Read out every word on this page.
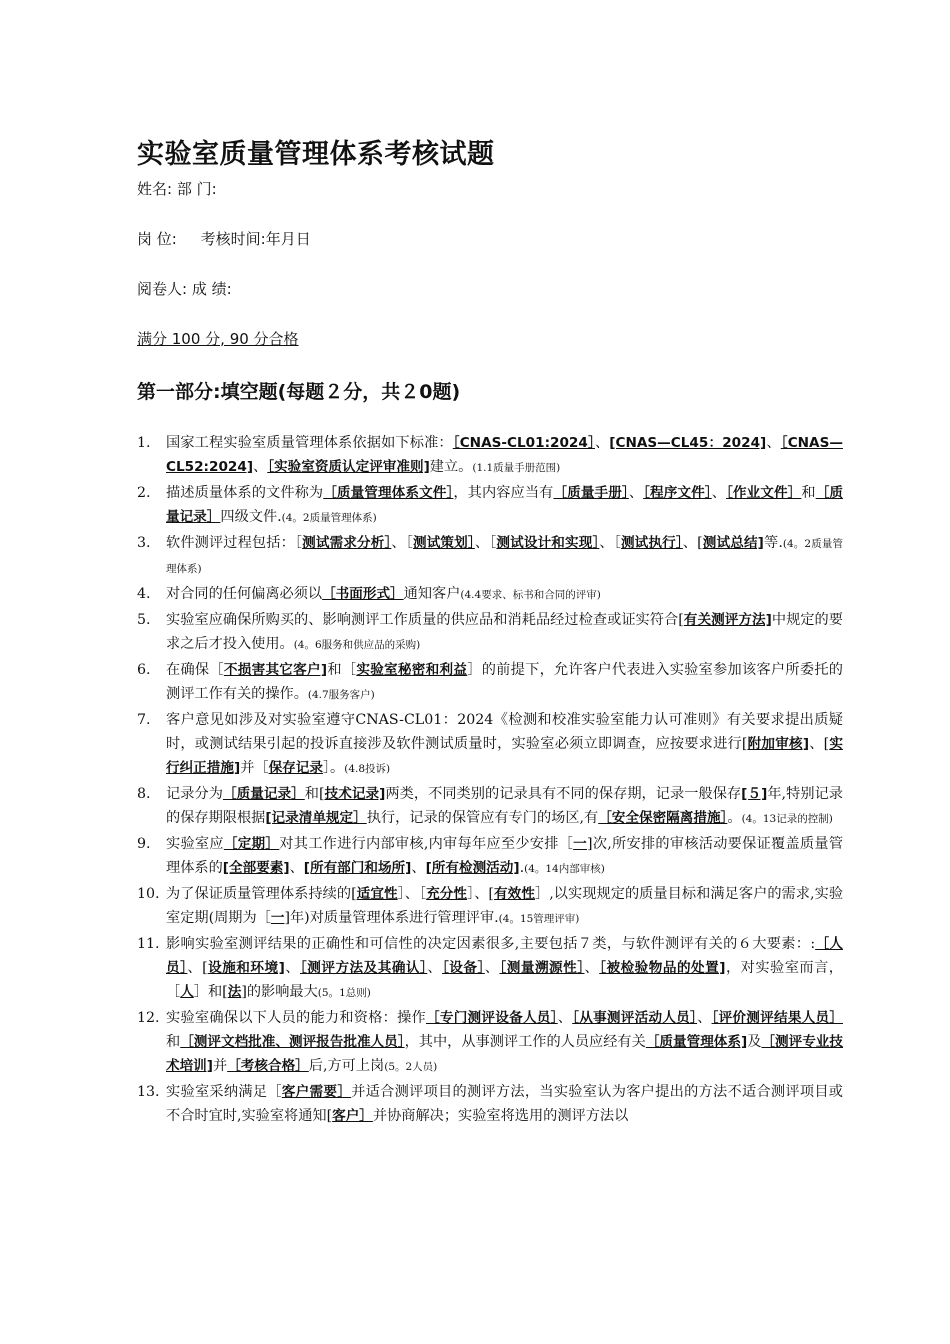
实验室质量管理体系考核试题

姓名: 部 门:

岗 位:     考核时间:年月日

阅卷人: 成 绩:

满分 100 分, 90 分合格

第一部分:填空题(每题２分，共２0题)
1. 国家工程实验室质量管理体系依据如下标准：［CNAS-CL01:2024］、[CNAS—CL45：2024]、［CNAS—CL52:2024]、［实验室资质认定评审准则]建立。(1.1质量手册范围)
2. 描述质量体系的文件称为［质量管理体系文件］，其内容应当有［质量手册］、［程序文件］、［作业文件］和［质量记录］四级文件.(4。2质量管理体系)
3. 软件测评过程包括：［测试需求分析］、［测试策划］、［测试设计和实现］、［测试执行］、[测试总结]等.(4。2质量管理体系)
4. 对合同的任何偏离必须以［书面形式］通知客户(4.4要求、标书和合同的评审)
5. 实验室应确保所购买的、影响测评工作质量的供应品和消耗品经过检查或证实符合[有关测评方法]中规定的要求之后才投入使用。(4。6服务和供应品的采购)
6. 在确保［不损害其它客户]和［实验室秘密和利益］的前提下，允许客户代表进入实验室参加该客户所委托的测评工作有关的操作。(4.7服务客户)
7. 客户意见如涉及对实验室遵守CNAS-CL01：2024《检测和校准实验室能力认可准则》有关要求提出质疑时，或测试结果引起的投诉直接涉及软件测试质量时，实验室必须立即调查，应按要求进行[附加审核]、[实行纠正措施]并［保存记录］。(4.8投诉)
8. 记录分为［质量记录］和[技术记录]两类，不同类别的记录具有不同的保存期，记录一般保存[５]年,特别记录的保存期限根据[记录清单规定］执行，记录的保管应有专门的场区,有［安全保密隔离措施］。(4。13记录的控制)
9. 实验室应［定期］对其工作进行内部审核,内审每年应至少安排［一]次,所安排的审核活动要保证覆盖质量管理体系的[全部要素]、[所有部门和场所]、[所有检测活动].(4。14内部审核)
10. 为了保证质量管理体系持续的[适宜性］、［充分性］、[有效性］,以实现规定的质量目标和满足客户的需求,实验室定期(周期为［一]年)对质量管理体系进行管理评审.(4。15管理评审)
11. 影响实验室测评结果的正确性和可信性的决定因素很多,主要包括７类，与软件测评有关的６大要素：:［人员］、[设施和环境]、［测评方法及其确认］、［设备］、［测量溯源性］、［被检验物品的处置]，对实验室而言，［人］和[法]的影响最大(5。1总则)
12. 实验室确保以下人员的能力和资格：操作［专门测评设备人员］、［从事测评活动人员］、［评价测评结果人员］和［测评文档批准、测评报告批准人员］，其中，从事测评工作的人员应经有关［质量管理体系]及［测评专业技术培训]并［考核合格］后,方可上岗(5。2人员)
13. 实验室采纳满足［客户需要］并适合测评项目的测评方法，当实验室认为客户提出的方法不适合测评项目或不合时宜时,实验室将通知[客户］并协商解决；实验室将选用的测评方法以
